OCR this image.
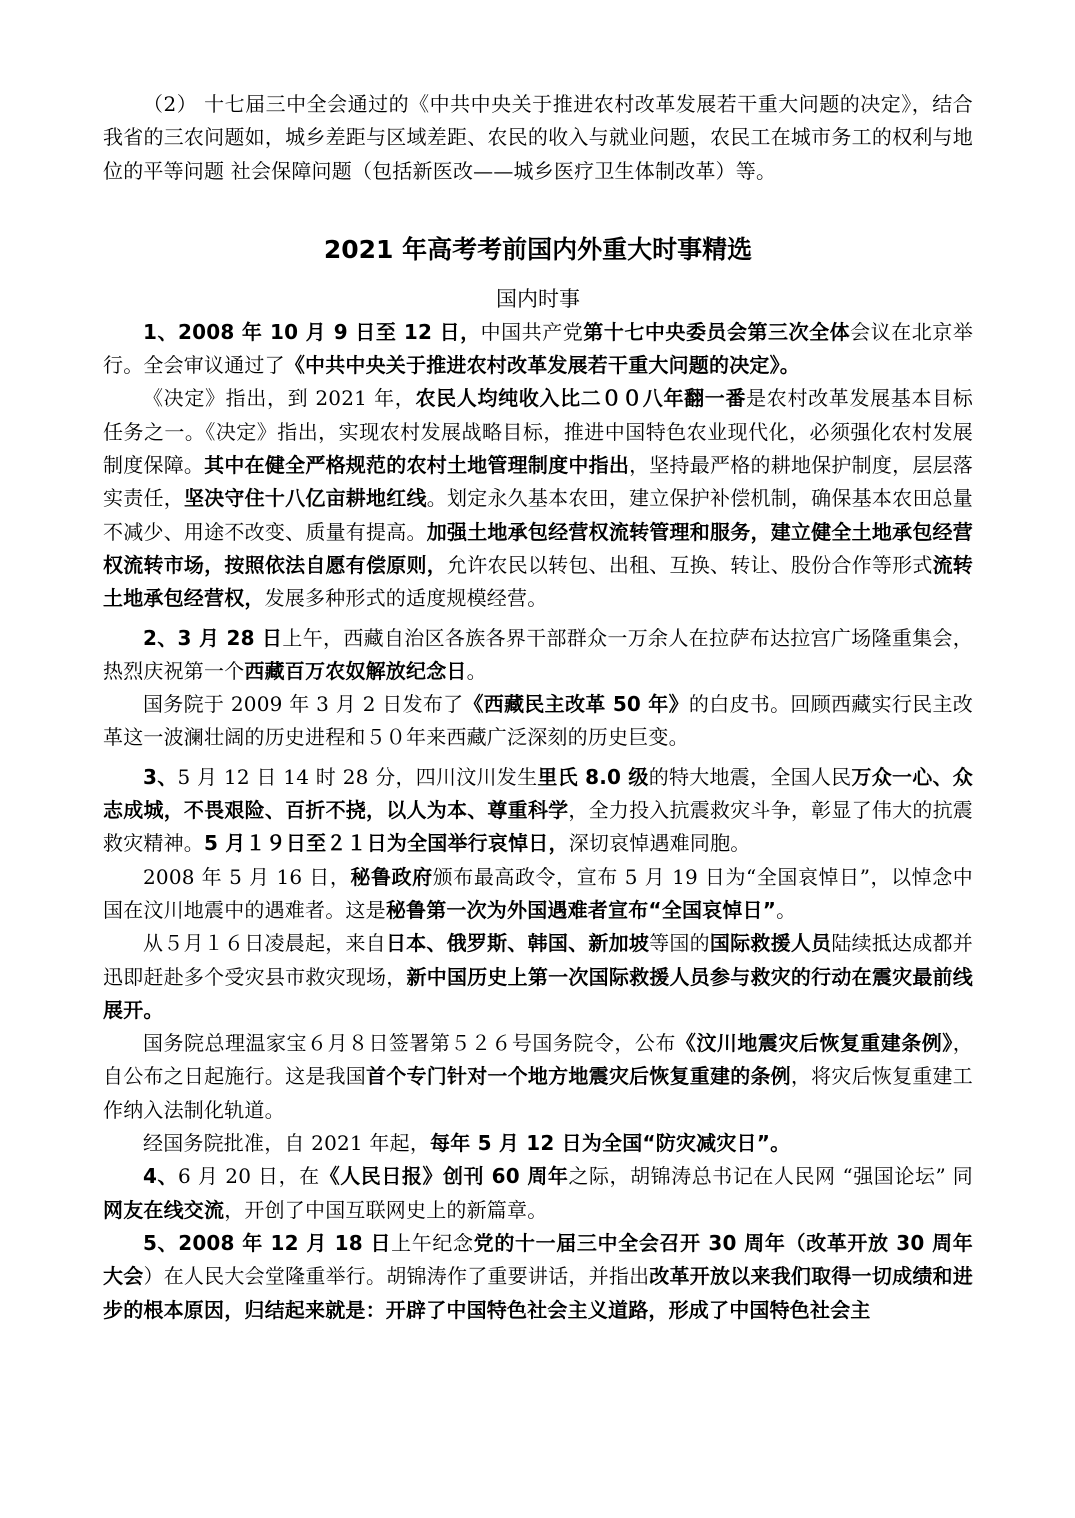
（2） 十七届三中全会通过的《中共中央关于推进农村改革发展若干重大问题的决定》，结合我省的三农问题如，城乡差距与区域差距、农民的收入与就业问题，农民工在城市务工的权利与地位的平等问题 社会保障问题（包括新医改——城乡医疗卫生体制改革）等。

2021 年高考考前国内外重大时事精选
国内时事

1、2008 年 10 月 9 日至 12 日，中国共产党第十七中央委员会第三次全体会议在北京举行。全会审议通过了《中共中央关于推进农村改革发展若干重大问题的决定》。

《决定》指出，到 2021 年，农民人均纯收入比二００八年翻一番是农村改革发展基本目标任务之一。《决定》指出，实现农村发展战略目标，推进中国特色农业现代化，必须强化农村发展制度保障。其中在健全严格规范的农村土地管理制度中指出，坚持最严格的耕地保护制度，层层落实责任，坚决守住十八亿亩耕地红线。划定永久基本农田，建立保护补偿机制，确保基本农田总量不减少、用途不改变、质量有提高。加强土地承包经营权流转管理和服务，建立健全土地承包经营权流转市场，按照依法自愿有偿原则，允许农民以转包、出租、互换、转让、股份合作等形式流转土地承包经营权，发展多种形式的适度规模经营。

2、3 月 28 日上午，西藏自治区各族各界干部群众一万余人在拉萨布达拉宫广场隆重集会，热烈庆祝第一个西藏百万农奴解放纪念日。

国务院于 2009 年 3 月 2 日发布了《西藏民主改革 50 年》的白皮书。回顾西藏实行民主改革这一波澜壮阔的历史进程和５０年来西藏广泛深刻的历史巨变。

3、5 月 12 日 14 时 28 分，四川汶川发生里氏 8.0 级的特大地震，全国人民万众一心、众志成城，不畏艰险、百折不挠，以人为本、尊重科学，全力投入抗震救灾斗争，彰显了伟大的抗震救灾精神。5 月１９日至２１日为全国举行哀悼日，深切哀悼遇难同胞。

2008 年 5 月 16 日，秘鲁政府颁布最高政令，宣布 5 月 19 日为“全国哀悼日”，以悼念中国在汶川地震中的遇难者。这是秘鲁第一次为外国遇难者宣布“全国哀悼日”。

从５月１６日凌晨起，来自日本、俄罗斯、韩国、新加坡等国的国际救援人员陆续抵达成都并迅即赶赴多个受灾县市救灾现场，新中国历史上第一次国际救援人员参与救灾的行动在震灾最前线展开。

国务院总理温家宝６月８日签署第５２６号国务院令，公布《汶川地震灾后恢复重建条例》，自公布之日起施行。这是我国首个专门针对一个地方地震灾后恢复重建的条例，将灾后恢复重建工作纳入法制化轨道。

经国务院批准，自 2021 年起，每年 5 月 12 日为全国“防灾减灾日”。

4、6 月 20 日，在《人民日报》创刊 60 周年之际，胡锦涛总书记在人民网 “强国论坛” 同网友在线交流，开创了中国互联网史上的新篇章。

5、2008 年 12 月 18 日上午纪念党的十一届三中全会召开 30 周年（改革开放 30 周年大会）在人民大会堂隆重举行。胡锦涛作了重要讲话，并指出改革开放以来我们取得一切成绩和进步的根本原因，归结起来就是：开辟了中国特色社会主义道路，形成了中国特色社会主
